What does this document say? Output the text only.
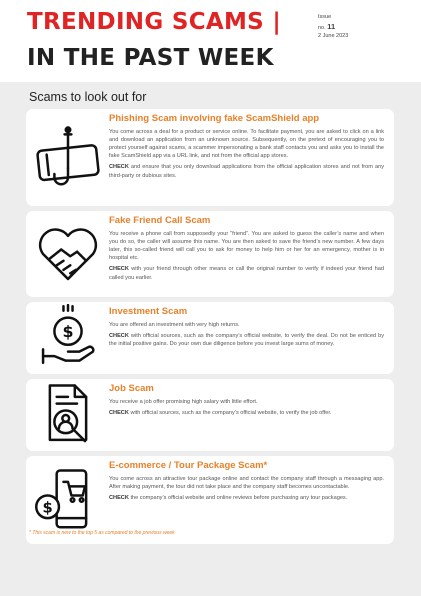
TRENDING SCAMS |
IN THE PAST WEEK
Issue
no. 11
2 June 2023
Scams to look out for
Phishing Scam involving fake ScamShield app

You come across a deal for a product or service online. To facilitate payment, you are asked to click on a link and download an application from an unknown source. Subsequently, on the pretext of encouraging you to protect yourself against scams, a scammer impersonating a bank staff contacts you and asks you to install the fake ScamShield app via a URL link, and not from the official app stores.

CHECK and ensure that you only download applications from the official application stores and not from any third-party or dubious sites.

Fake Friend Call Scam

You receive a phone call from supposedly your “friend”. You are asked to guess the caller’s name and when you do so, the caller will assume this name. You are then asked to save the friend’s new number. A few days later, this so-called friend will call you to ask for money to help him or her for an emergency, mother is in hospital etc.

CHECK with your friend through other means or call the original number to verify if indeed your friend had called you earlier.

$
Investment Scam

You are offered an investment with very high returns.

CHECK with official sources, such as the company’s official website, to verify the deal. Do not be enticed by the initial positive gains. Do your own due diligence before you invest large sums of money.

Job Scam

You receive a job offer promising high salary with little effort.

CHECK with official sources, such as the company’s official website, to verify the job offer.

$
E-commerce / Tour Package Scam*

You come across an attractive tour package online and contact the company staff through a messaging app. After making payment, the tour did not take place and the company staff becomes uncontactable.

CHECK the company’s official website and online reviews before purchasing any tour packages.

* This scam is new to the top 5 as compared to the previous week
